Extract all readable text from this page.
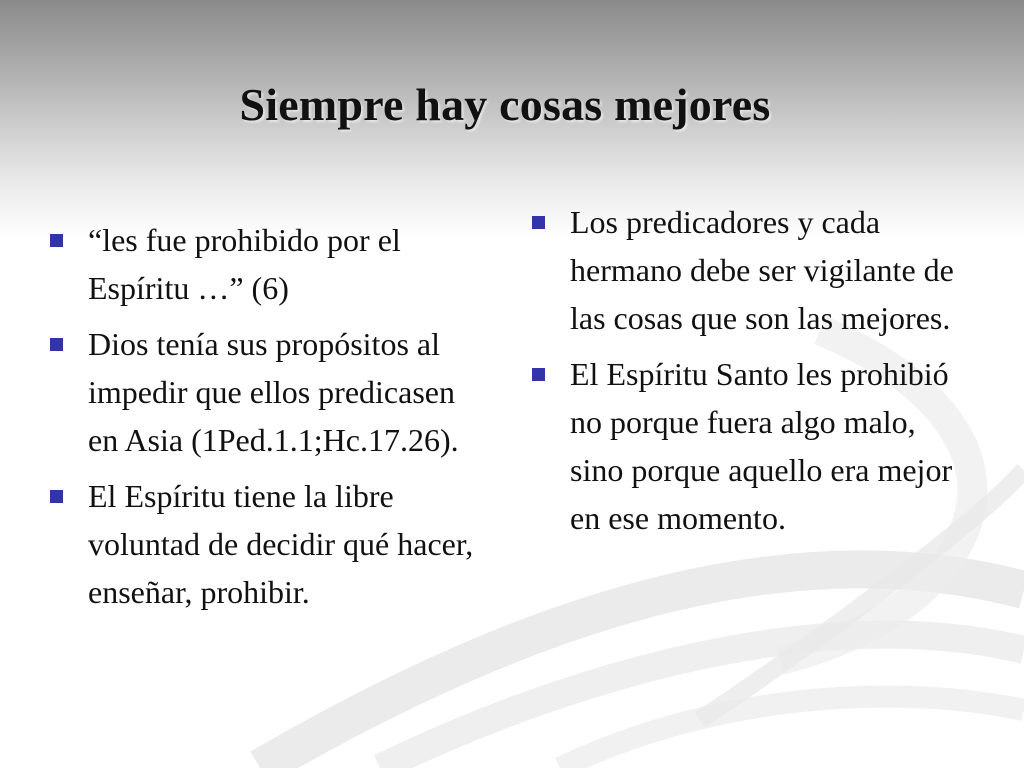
Siempre hay cosas mejores
“les fue prohibido por el Espíritu …” (6)
Dios tenía sus propósitos al impedir que ellos predicasen en Asia (1Ped.1.1;Hc.17.26).
El Espíritu tiene la libre voluntad de decidir qué hacer, enseñar, prohibir.
Los predicadores y cada hermano debe ser vigilante de las cosas que son las mejores.
El Espíritu Santo les prohibió no porque fuera algo malo, sino porque aquello era mejor en ese momento.
